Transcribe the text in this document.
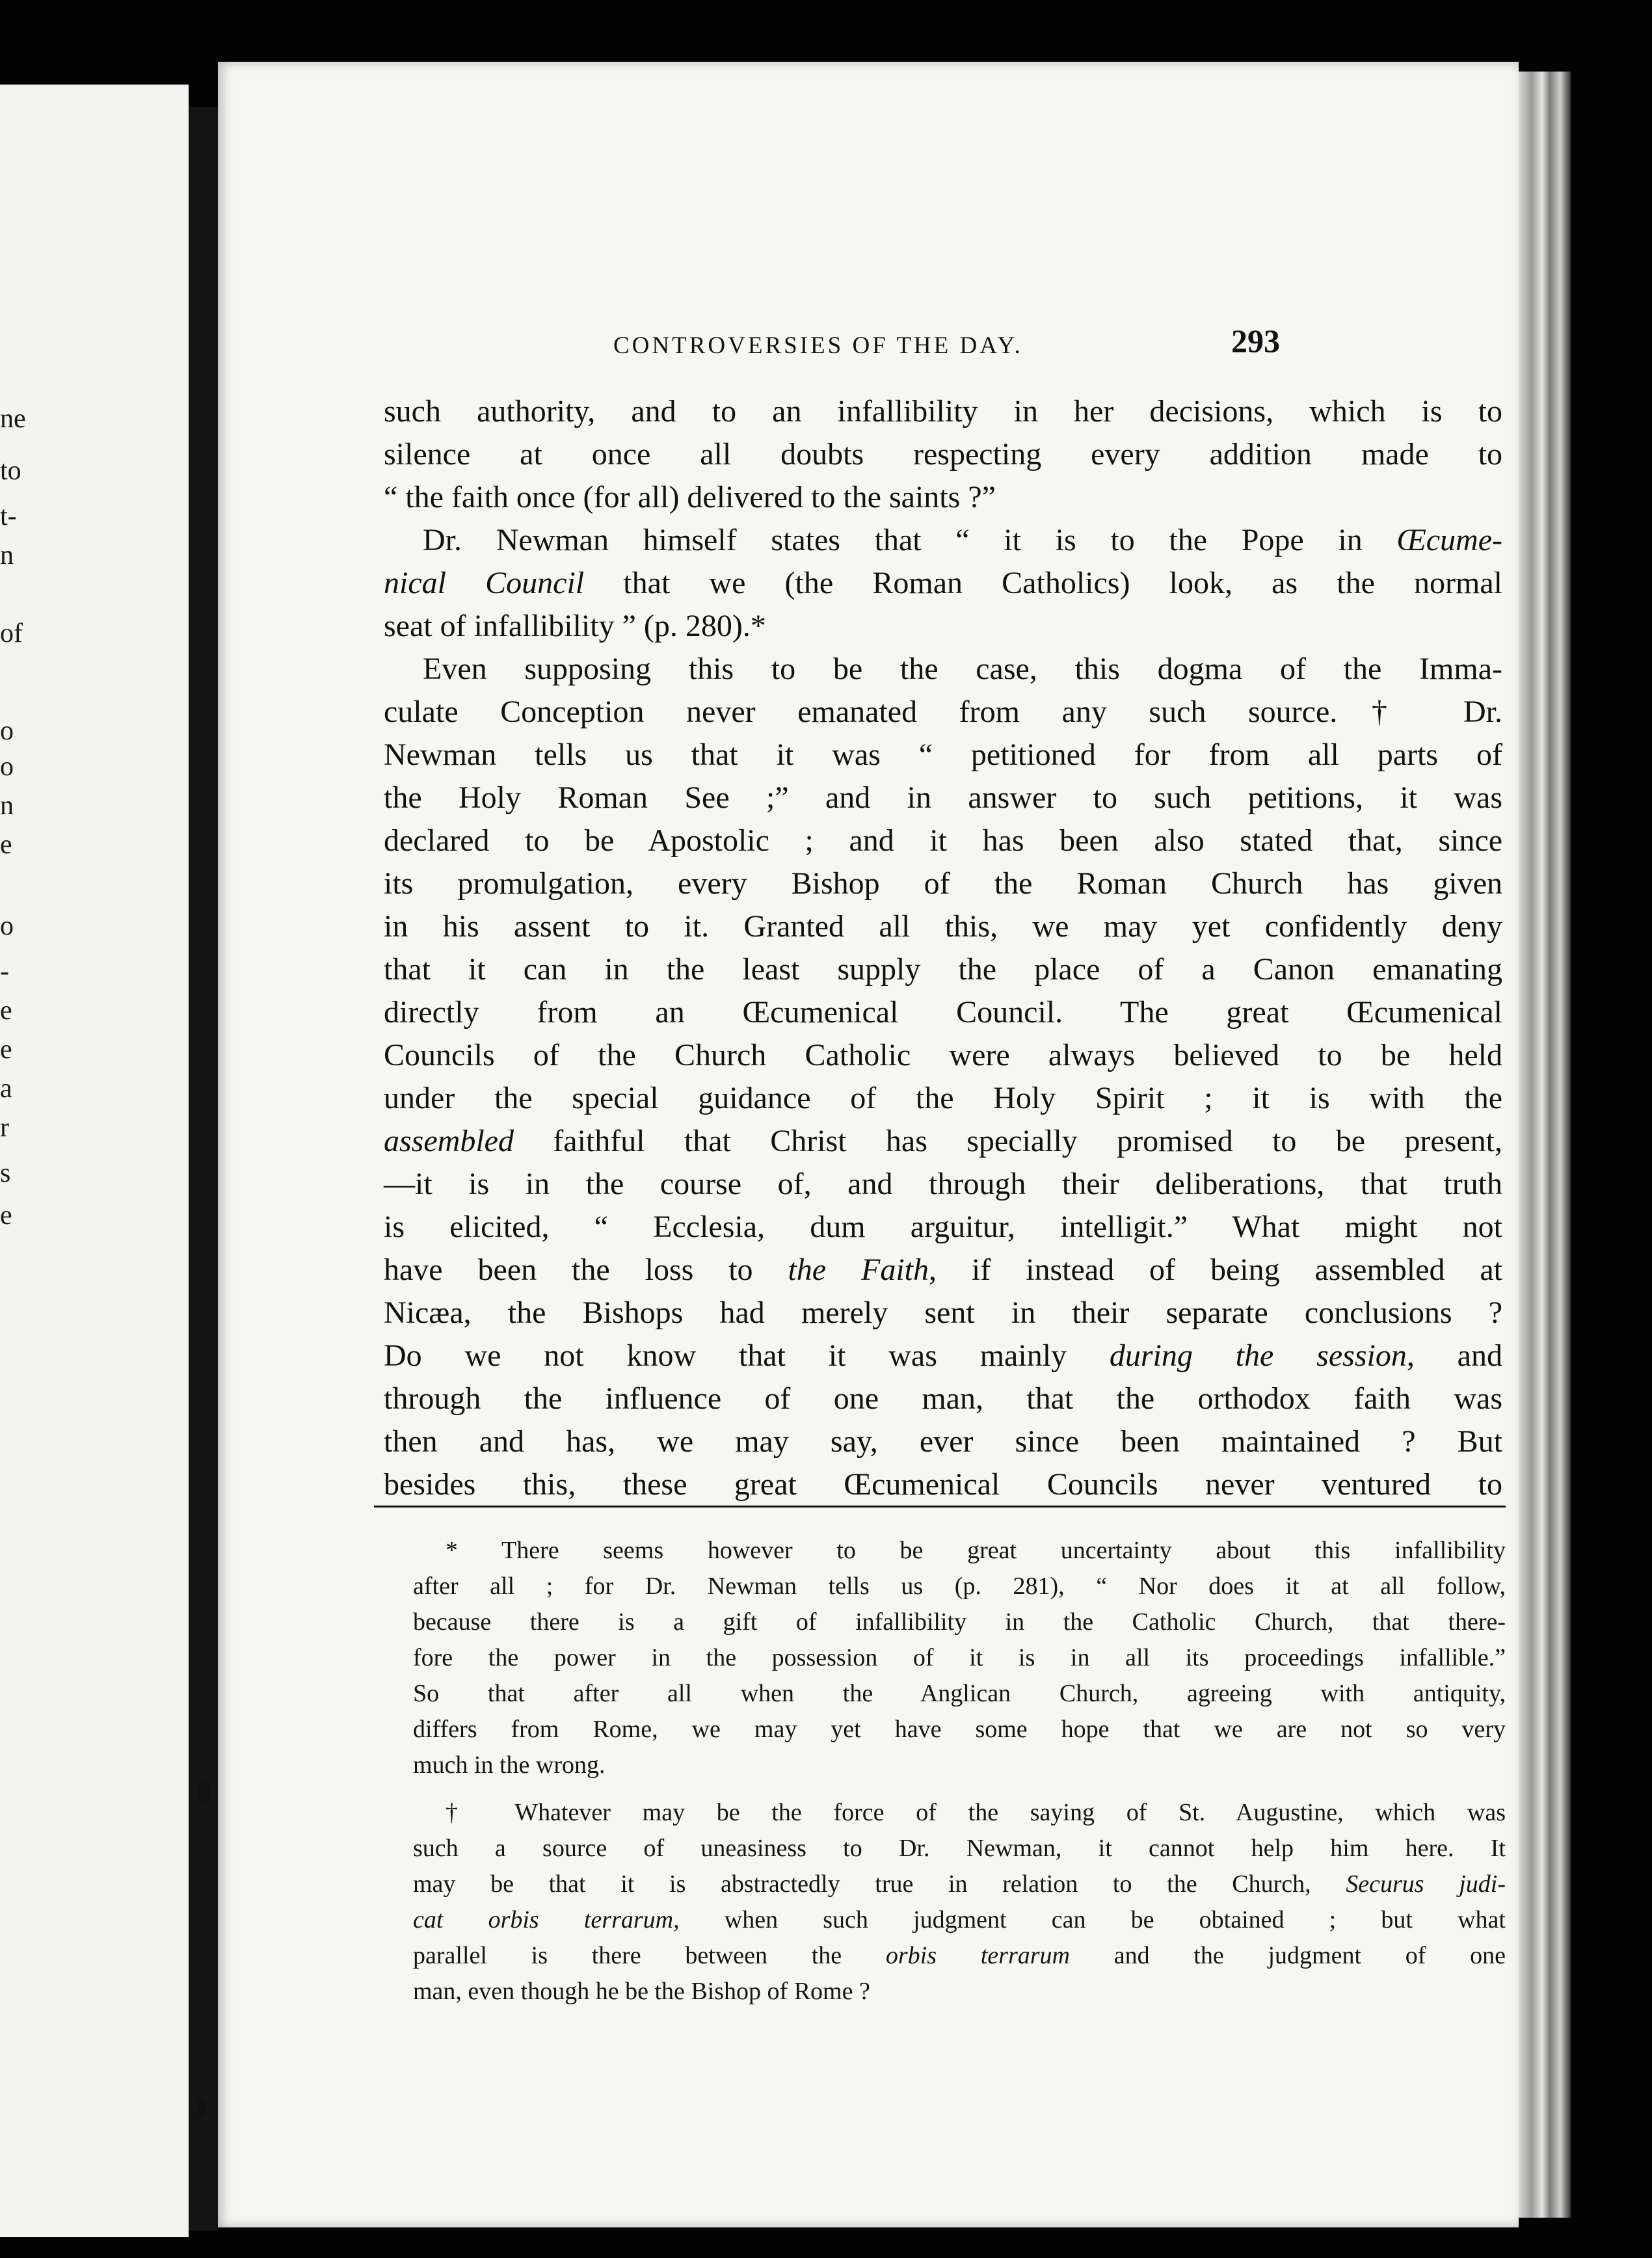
ne
to
t-
n
of
o
o
n
e
o
-
e
e
a
r
s
e
CONTROVERSIES OF THE DAY.	293
such authority, and to an infallibility in her decisions, which is to
silence at once all doubts respecting every addition made to
“ the faith once (for all) delivered to the saints ?”
Dr. Newman himself states that “ it is to the Pope in Œcume-
nical Council that we (the Roman Catholics) look, as the normal
seat of infallibility ” (p. 280).*
Even supposing this to be the case, this dogma of the Imma-
culate Conception never emanated from any such source.† Dr.
Newman tells us that it was “ petitioned for from all parts of
the Holy Roman See ;” and in answer to such petitions, it was
declared to be Apostolic ; and it has been also stated that, since
its promulgation, every Bishop of the Roman Church has given
in his assent to it. Granted all this, we may yet confidently deny
that it can in the least supply the place of a Canon emanating
directly from an Œcumenical Council. The great Œcumenical
Councils of the Church Catholic were always believed to be held
under the special guidance of the Holy Spirit ; it is with the
assembled faithful that Christ has specially promised to be present,
—it is in the course of, and through their deliberations, that truth
is elicited, “ Ecclesia, dum arguitur, intelligit.” What might not
have been the loss to the Faith, if instead of being assembled at
Nicæa, the Bishops had merely sent in their separate conclusions ?
Do we not know that it was mainly during the session, and
through the influence of one man, that the orthodox faith was
then and has, we may say, ever since been maintained ? But
besides this, these great Œcumenical Councils never ventured to
* There seems however to be great uncertainty about this infallibility
after all ; for Dr. Newman tells us (p. 281), “ Nor does it at all follow,
because there is a gift of infallibility in the Catholic Church, that there-
fore the power in the possession of it is in all its proceedings infallible.”
So that after all when the Anglican Church, agreeing with antiquity,
differs from Rome, we may yet have some hope that we are not so very
much in the wrong.
† Whatever may be the force of the saying of St. Augustine, which was
such a source of uneasiness to Dr. Newman, it cannot help him here. It
may be that it is abstractedly true in relation to the Church, Securus judi-
cat orbis terrarum, when such judgment can be obtained ; but what
parallel is there between the orbis terrarum and the judgment of one
man, even though he be the Bishop of Rome ?
